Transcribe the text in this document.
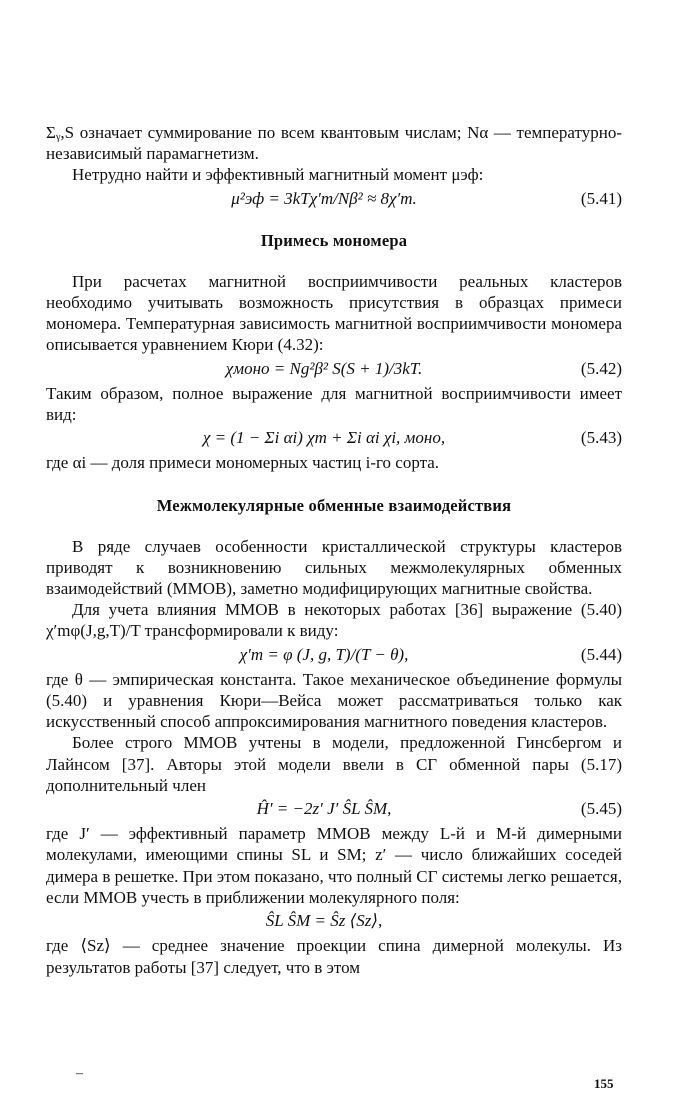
Σᵧ,S означает суммирование по всем квантовым числам; Nα — температурно-независимый парамагнетизм.

Нетрудно найти и эффективный магнитный момент μэф:

μ²эф = 3kTχ′m/Nβ² ≈ 8χ′m.	(5.41)
Примесь мономера

При расчетах магнитной восприимчивости реальных кластеров необходимо учитывать возможность присутствия в образцах примеси мономера. Температурная зависимость магнитной восприимчивости мономера описывается уравнением Кюри (4.32):

χмоно = Ng²β² S(S + 1)/3kT.	(5.42)

Таким образом, полное выражение для магнитной восприимчивости имеет вид:

χ = (1 − Σi αi) χm + Σi αi χi, моно,	(5.43)

где αi — доля примеси мономерных частиц i-го сорта.

Межмолекулярные обменные взаимодействия

В ряде случаев особенности кристаллической структуры кластеров приводят к возникновению сильных межмолекулярных обменных взаимодействий (ММОВ), заметно модифицирующих магнитные свойства.

Для учета влияния ММОВ в некоторых работах [36] выражение (5.40) χ′mφ(J,g,T)/T трансформировали к виду:

χ′m = φ (J, g, T)/(T − θ),	(5.44)

где θ — эмпирическая константа. Такое механическое объединение формулы (5.40) и уравнения Кюри—Вейса может рассматриваться только как искусственный способ аппроксимирования магнитного поведения кластеров.

Более строго ММОВ учтены в модели, предложенной Гинсбергом и Лайнсом [37]. Авторы этой модели ввели в СГ обменной пары (5.17) дополнительный член

Ĥ′ = −2z′ J′ ŜL ŜM,	(5.45)

где J′ — эффективный параметр ММОВ между L-й и M-й димерными молекулами, имеющими спины SL и SM; z′ — число ближайших соседей димера в решетке. При этом показано, что полный СГ системы легко решается, если ММОВ учесть в приближении молекулярного поля:

ŜL ŜM = Ŝz ⟨Sz⟩,

где ⟨Sz⟩ — среднее значение проекции спина димерной молекулы. Из результатов работы [37] следует, что в этом

–
155
